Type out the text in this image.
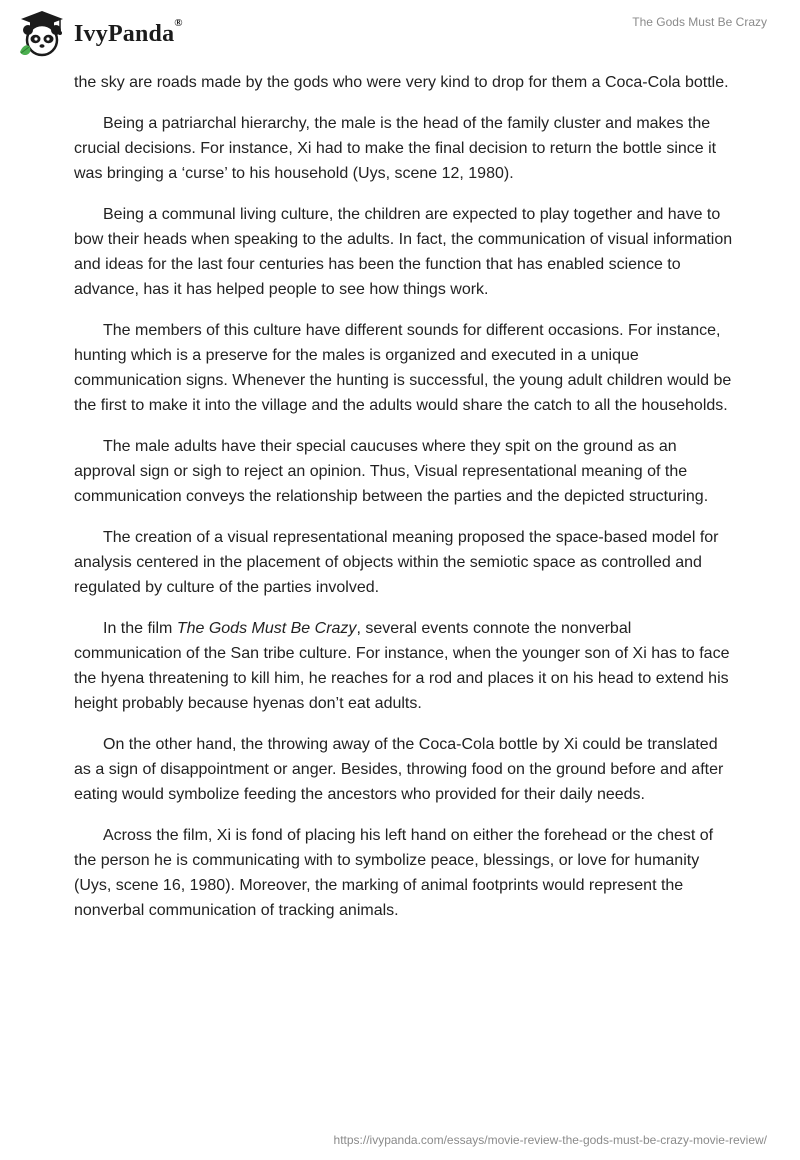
IvyPanda®	The Gods Must Be Crazy

the sky are roads made by the gods who were very kind to drop for them a Coca-Cola bottle.

Being a patriarchal hierarchy, the male is the head of the family cluster and makes the crucial decisions. For instance, Xi had to make the final decision to return the bottle since it was bringing a ‘curse’ to his household (Uys, scene 12, 1980).

Being a communal living culture, the children are expected to play together and have to bow their heads when speaking to the adults. In fact, the communication of visual information and ideas for the last four centuries has been the function that has enabled science to advance, has it has helped people to see how things work.

The members of this culture have different sounds for different occasions. For instance, hunting which is a preserve for the males is organized and executed in a unique communication signs. Whenever the hunting is successful, the young adult children would be the first to make it into the village and the adults would share the catch to all the households.

The male adults have their special caucuses where they spit on the ground as an approval sign or sigh to reject an opinion. Thus, Visual representational meaning of the communication conveys the relationship between the parties and the depicted structuring.

The creation of a visual representational meaning proposed the space-based model for analysis centered in the placement of objects within the semiotic space as controlled and regulated by culture of the parties involved.

In the film The Gods Must Be Crazy, several events connote the nonverbal communication of the San tribe culture. For instance, when the younger son of Xi has to face the hyena threatening to kill him, he reaches for a rod and places it on his head to extend his height probably because hyenas don’t eat adults.

On the other hand, the throwing away of the Coca-Cola bottle by Xi could be translated as a sign of disappointment or anger. Besides, throwing food on the ground before and after eating would symbolize feeding the ancestors who provided for their daily needs.

Across the film, Xi is fond of placing his left hand on either the forehead or the chest of the person he is communicating with to symbolize peace, blessings, or love for humanity (Uys, scene 16, 1980). Moreover, the marking of animal footprints would represent the nonverbal communication of tracking animals.

https://ivypanda.com/essays/movie-review-the-gods-must-be-crazy-movie-review/
